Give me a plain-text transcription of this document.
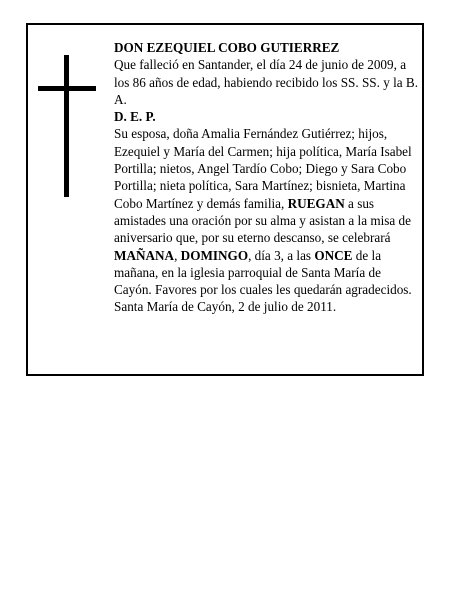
DON EZEQUIEL COBO GUTIERREZ

Que falleció en Santander, el día 24 de junio de 2009, a los 86 años de edad, habiendo recibido los SS. SS. y la B. A.

D. E. P.

Su esposa, doña Amalia Fernández Gutiérrez; hijos, Ezequiel y María del Carmen; hija política, María Isabel Portilla; nietos, Angel Tardío Cobo; Diego y Sara Cobo Portilla; nieta política, Sara Martínez; bisnieta, Martina Cobo Martínez y demás familia, RUEGAN a sus amistades una oración por su alma y asistan a la misa de aniversario que, por su eterno descanso, se celebrará MAÑANA, DOMINGO, día 3, a las ONCE de la mañana, en la iglesia parroquial de Santa María de Cayón. Favores por los cuales les quedarán agradecidos.

Santa María de Cayón, 2 de julio de 2011.
